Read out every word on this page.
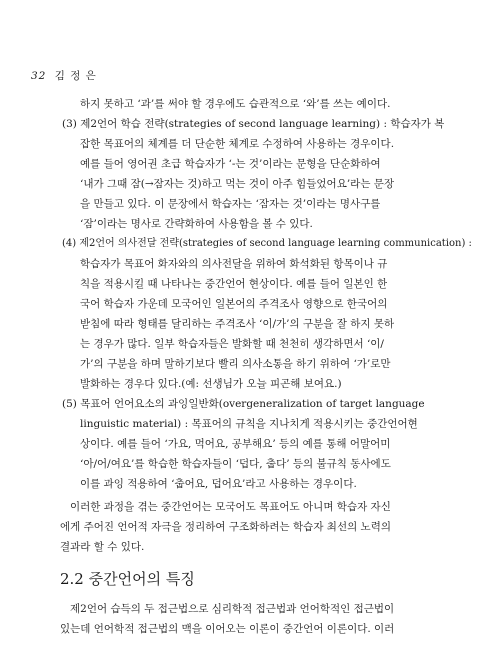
32 김 정 은
하지 못하고 ‘과’를 써야 할 경우에도 습관적으로 ‘와’를 쓰는 예이다.
(3) 제2언어 학습 전략(strategies of second language learning) : 학습자가 복
잡한 목표어의 체계를 더 단순한 체계로 수정하여 사용하는 경우이다.
예를 들어 영어권 초급 학습자가 ‘-는 것’이라는 문형을 단순화하여
‘내가 그때 잠(→잠자는 것)하고 먹는 것이 아주 힘들었어요’라는 문장
을 만들고 있다. 이 문장에서 학습자는 ‘잠자는 것’이라는 명사구를
‘잠’이라는 명사로 간략화하여 사용함을 볼 수 있다.
(4) 제2언어 의사전달 전략(strategies of second language learning communication) :
학습자가 목표어 화자와의 의사전달을 위하여 화석화된 항목이나 규
칙을 적용시킬 때 나타나는 중간언어 현상이다. 예를 들어 일본인 한
국어 학습자 가운데 모국어인 일본어의 주격조사 영향으로 한국어의
받침에 따라 형태를 달리하는 주격조사 ‘이/가’의 구분을 잘 하지 못하
는 경우가 많다. 일부 학습자들은 발화할 때 천천히 생각하면서 ‘이/
가’의 구분을 하며 말하기보다 빨리 의사소통을 하기 위하여 ‘가’로만
발화하는 경우다 있다.(예: 선생님가 오늘 피곤해 보여요.)
(5) 목표어 언어요소의 과잉일반화(overgeneralization of target language
linguistic material) : 목표어의 규칙을 지나치게 적용시키는 중간언어현
상이다. 예를 들어 ‘가요, 먹어요, 공부해요’ 등의 예를 통해 어말어미
‘아/어/여요’를 학습한 학습자들이 ‘덥다, 춥다’ 등의 불규칙 동사에도
이를 과잉 적용하여 ‘춥어요, 덥어요’라고 사용하는 경우이다.
이러한 과정을 겪는 중간언어는 모국어도 목표어도 아니며 학습자 자신
에게 주어진 언어적 자극을 정리하여 구조화하려는 학습자 최선의 노력의
결과라 할 수 있다.
2.2 중간언어의 특징
제2언어 습득의 두 접근법으로 심리학적 접근법과 언어학적인 접근법이
있는데 언어학적 접근법의 맥을 이어오는 이론이 중간언어 이론이다. 이러
